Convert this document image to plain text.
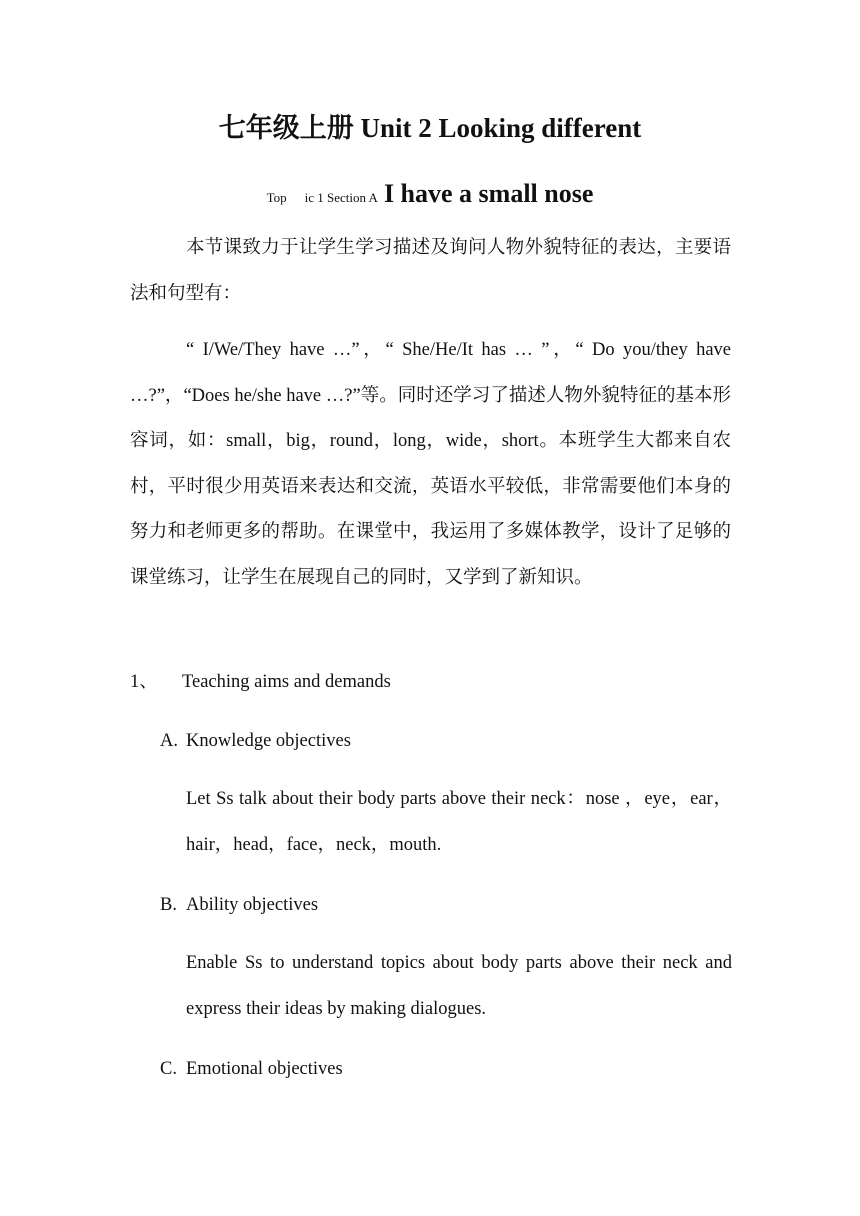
七年级上册 Unit 2 Looking different
Top ic 1 Section A I have a small nose
本节课致力于让学生学习描述及询问人物外貌特征的表达，主要语法和句型有：
“ I/We/They have …”，“ She/He/It has … ”，“ Do you/they have …?”，“Does he/she have …?”等。同时还学习了描述人物外貌特征的基本形容词，如：small，big，round，long，wide，short。本班学生大都来自农村，平时很少用英语来表达和交流，英语水平较低，非常需要他们本身的努力和老师更多的帮助。在课堂中，我运用了多媒体教学，设计了足够的课堂练习，让学生在展现自己的同时，又学到了新知识。
1、 Teaching aims and demands
A. Knowledge objectives
Let Ss talk about their body parts above their neck：nose ，eye，ear，hair，head，face，neck，mouth.
B. Ability objectives
Enable Ss to understand topics about body parts above their neck and express their ideas by making dialogues.
C. Emotional objectives
